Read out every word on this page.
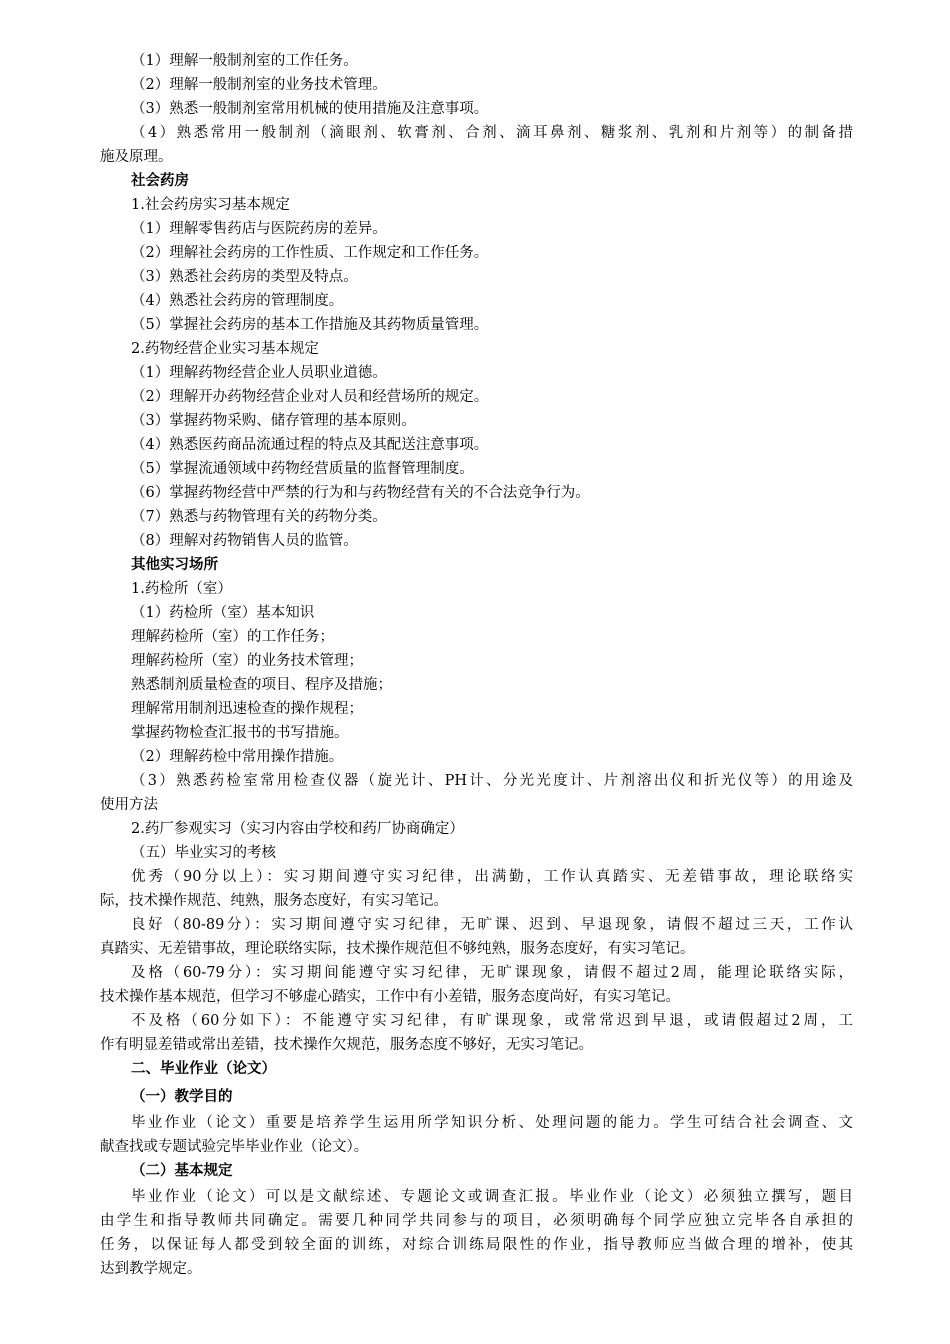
（1）理解一般制剂室的工作任务。
（2）理解一般制剂室的业务技术管理。
（3）熟悉一般制剂室常用机械的使用措施及注意事项。
（4）熟悉常用一般制剂（滴眼剂、软膏剂、合剂、滴耳鼻剂、糖浆剂、乳剂和片剂等）的制备措
施及原理。
社会药房
1.社会药房实习基本规定
（1）理解零售药店与医院药房的差异。
（2）理解社会药房的工作性质、工作规定和工作任务。
（3）熟悉社会药房的类型及特点。
（4）熟悉社会药房的管理制度。
（5）掌握社会药房的基本工作措施及其药物质量管理。
2.药物经营企业实习基本规定
（1）理解药物经营企业人员职业道德。
（2）理解开办药物经营企业对人员和经营场所的规定。
（3）掌握药物采购、储存管理的基本原则。
（4）熟悉医药商品流通过程的特点及其配送注意事项。
（5）掌握流通领域中药物经营质量的监督管理制度。
（6）掌握药物经营中严禁的行为和与药物经营有关的不合法竞争行为。
（7）熟悉与药物管理有关的药物分类。
（8）理解对药物销售人员的监管。
其他实习场所
1.药检所（室）
（1）药检所（室）基本知识
理解药检所（室）的工作任务；
理解药检所（室）的业务技术管理；
熟悉制剂质量检查的项目、程序及措施；
理解常用制剂迅速检查的操作规程；
掌握药物检查汇报书的书写措施。
（2）理解药检中常用操作措施。
（3）熟悉药检室常用检查仪器（旋光计、PH计、分光光度计、片剂溶出仪和折光仪等）的用途及
使用方法
2.药厂参观实习（实习内容由学校和药厂协商确定）
（五）毕业实习的考核
优秀（90分以上）：实习期间遵守实习纪律，出满勤，工作认真踏实、无差错事故，理论联络实
际，技术操作规范、纯熟，服务态度好，有实习笔记。
良好（80-89分）：实习期间遵守实习纪律，无旷课、迟到、早退现象，请假不超过三天，工作认
真踏实、无差错事故，理论联络实际，技术操作规范但不够纯熟，服务态度好，有实习笔记。
及格（60-79分）：实习期间能遵守实习纪律，无旷课现象，请假不超过2周，能理论联络实际，
技术操作基本规范，但学习不够虚心踏实，工作中有小差错，服务态度尚好，有实习笔记。
不及格（60分如下）：不能遵守实习纪律，有旷课现象，或常常迟到早退，或请假超过2周，工
作有明显差错或常出差错，技术操作欠规范，服务态度不够好，无实习笔记。
二、毕业作业（论文）
（一）教学目的
毕业作业（论文）重要是培养学生运用所学知识分析、处理问题的能力。学生可结合社会调查、文
献查找或专题试验完毕毕业作业（论文）。
（二）基本规定
毕业作业（论文）可以是文献综述、专题论文或调查汇报。毕业作业（论文）必须独立撰写，题目
由学生和指导教师共同确定。需要几种同学共同参与的项目，必须明确每个同学应独立完毕各自承担的
任务，以保证每人都受到较全面的训练，对综合训练局限性的作业，指导教师应当做合理的增补，使其
达到教学规定。
